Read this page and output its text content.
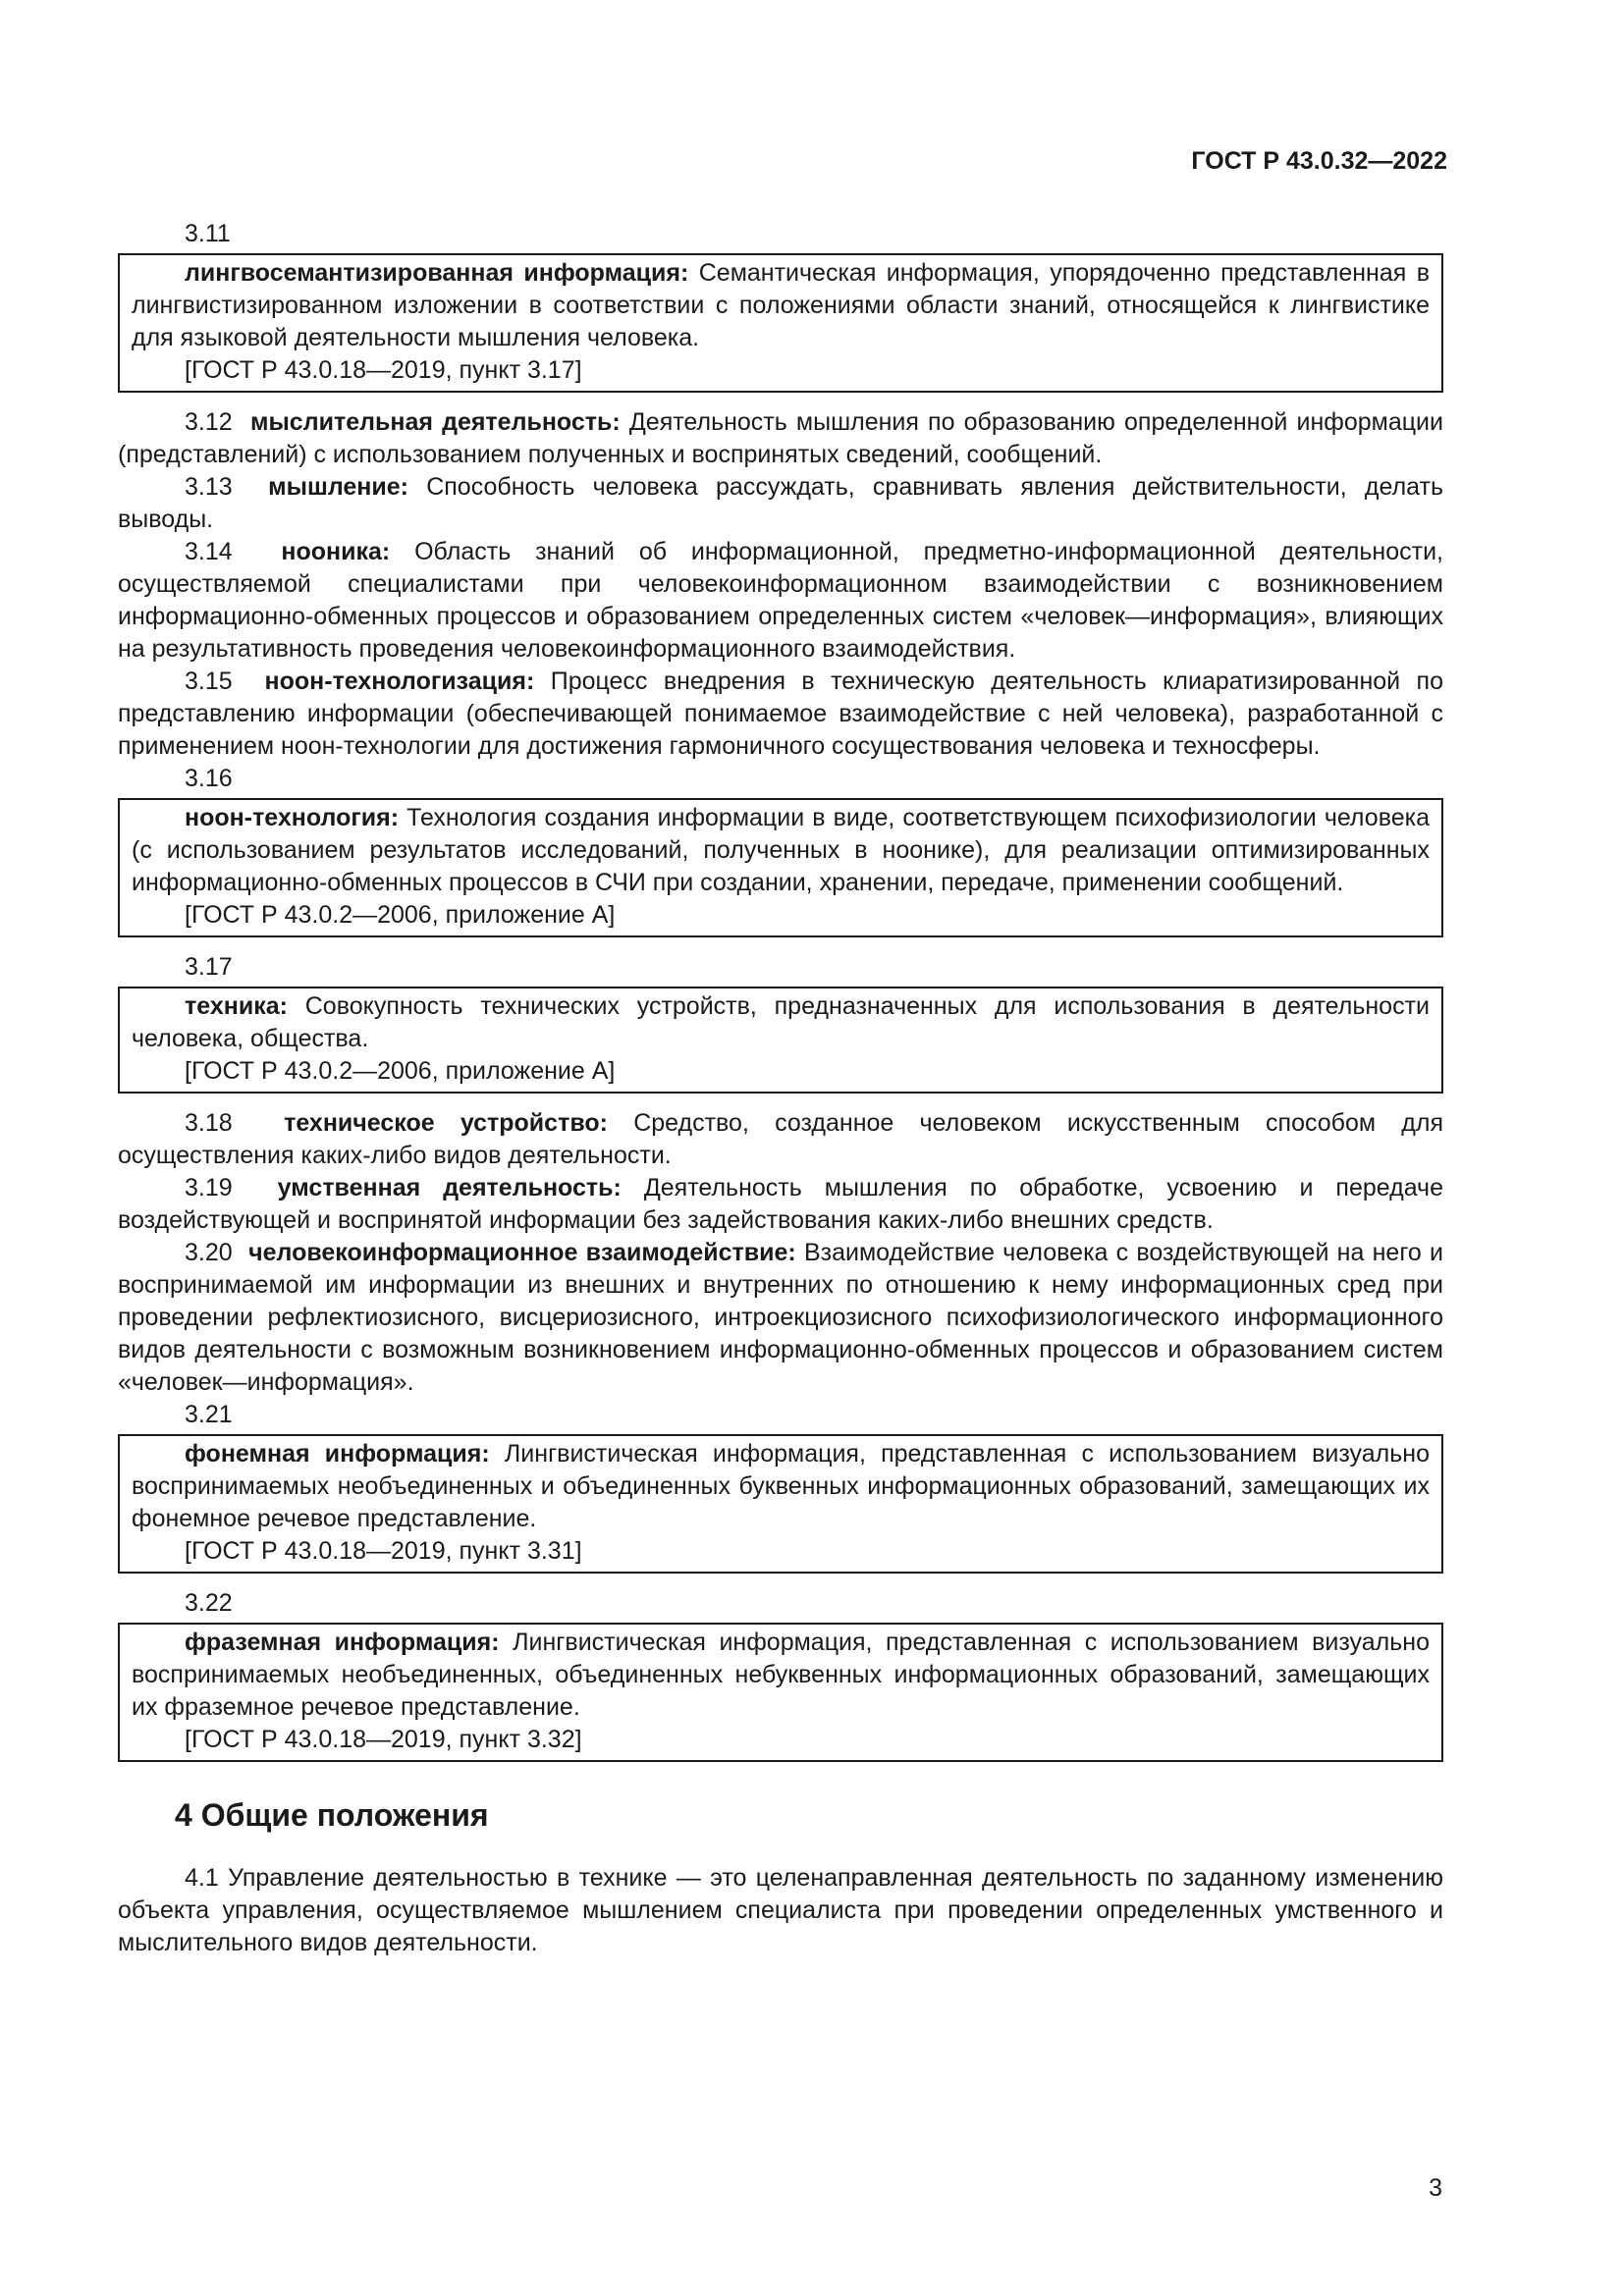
ГОСТ Р 43.0.32—2022
3.11

лингвосемантизированная информация: Семантическая информация, упорядоченно представленная в лингвистизированном изложении в соответствии с положениями области знаний, относящейся к лингвистике для языковой деятельности мышления человека.

[ГОСТ Р 43.0.18—2019, пункт 3.17]

3.12 мыслительная деятельность: Деятельность мышления по образованию определенной информации (представлений) с использованием полученных и воспринятых сведений, сообщений.

3.13 мышление: Способность человека рассуждать, сравнивать явления действительности, делать выводы.

3.14 нооника: Область знаний об информационной, предметно-информационной деятельности, осуществляемой специалистами при человекоинформационном взаимодействии с возникновением информационно-обменных процессов и образованием определенных систем «человек—информация», влияющих на результативность проведения человекоинформационного взаимодействия.

3.15 ноон-технологизация: Процесс внедрения в техническую деятельность клиаратизированной по представлению информации (обеспечивающей понимаемое взаимодействие с ней человека), разработанной с применением ноон-технологии для достижения гармоничного сосуществования человека и техносферы.

3.16

ноон-технология: Технология создания информации в виде, соответствующем психофизиологии человека (с использованием результатов исследований, полученных в ноонике), для реализации оптимизированных информационно-обменных процессов в СЧИ при создании, хранении, передаче, применении сообщений.

[ГОСТ Р 43.0.2—2006, приложение А]

3.17

техника: Совокупность технических устройств, предназначенных для использования в деятельности человека, общества.

[ГОСТ Р 43.0.2—2006, приложение А]

3.18 техническое устройство: Средство, созданное человеком искусственным способом для осуществления каких-либо видов деятельности.

3.19 умственная деятельность: Деятельность мышления по обработке, усвоению и передаче воздействующей и воспринятой информации без задействования каких-либо внешних средств.

3.20 человекоинформационное взаимодействие: Взаимодействие человека с воздействующей на него и воспринимаемой им информации из внешних и внутренних по отношению к нему информационных сред при проведении рефлектиозисного, висцериозисного, интроекциозисного психофизиологического информационного видов деятельности с возможным возникновением информационно-обменных процессов и образованием систем «человек—информация».

3.21

фонемная информация: Лингвистическая информация, представленная с использованием визуально воспринимаемых необъединенных и объединенных буквенных информационных образований, замещающих их фонемное речевое представление.

[ГОСТ Р 43.0.18—2019, пункт 3.31]

3.22

фраземная информация: Лингвистическая информация, представленная с использованием визуально воспринимаемых необъединенных, объединенных небуквенных информационных образований, замещающих их фраземное речевое представление.

[ГОСТ Р 43.0.18—2019, пункт 3.32]

4 Общие положения

4.1 Управление деятельностью в технике — это целенаправленная деятельность по заданному изменению объекта управления, осуществляемое мышлением специалиста при проведении определенных умственного и мыслительного видов деятельности.

3
